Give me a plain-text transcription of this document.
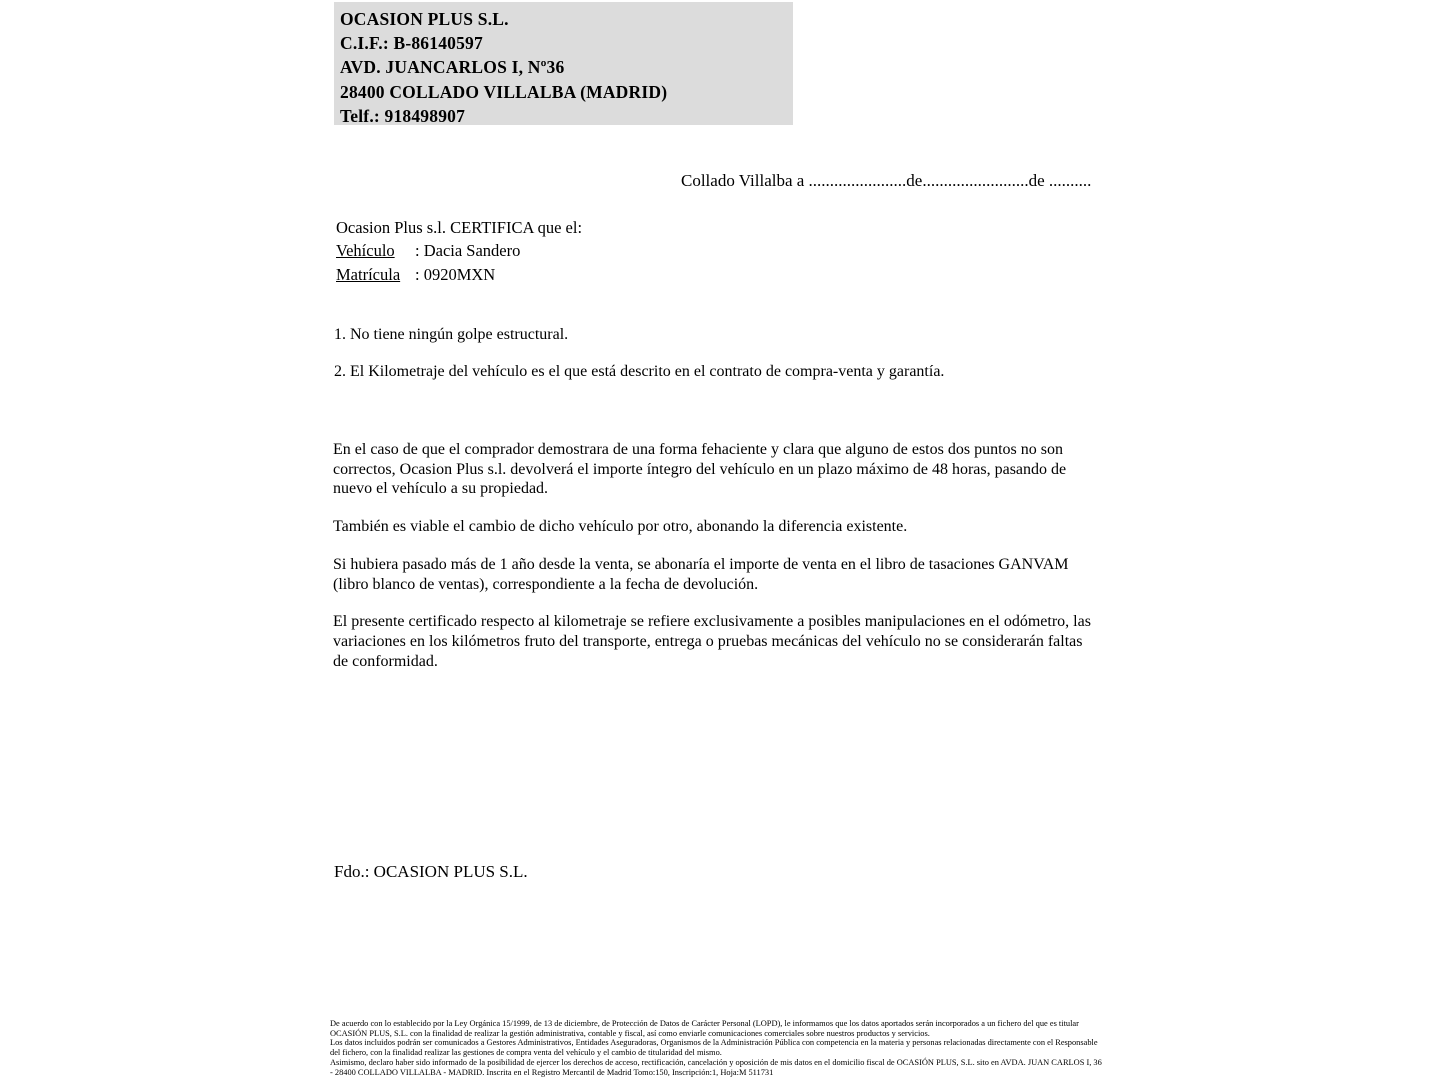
OCASION PLUS S.L.
C.I.F.: B-86140597
AVD. JUANCARLOS I, Nº36
28400 COLLADO VILLALBA (MADRID)
Telf.: 918498907
Collado Villalba a .......................de.........................de ..........
Ocasion Plus s.l. CERTIFICA que el:
Vehículo	: Dacia Sandero
Matrícula : 0920MXN
1. No tiene ningún golpe estructural.
2. El Kilometraje del vehículo es el que está descrito en el contrato de compra-venta y garantía.

En el caso de que el comprador demostrara de una forma fehaciente y clara que alguno de estos dos puntos no son correctos, Ocasion Plus s.l. devolverá el importe íntegro del vehículo en un plazo máximo de 48 horas, pasando de nuevo el vehículo a su propiedad.

También es viable el cambio de dicho vehículo por otro, abonando la diferencia existente.

Si hubiera pasado más de 1 año desde la venta, se abonaría el importe de venta en el libro de tasaciones GANVAM (libro blanco de ventas), correspondiente a la fecha de devolución.

El presente certificado respecto al kilometraje se refiere exclusivamente a posibles manipulaciones en el odómetro, las variaciones en los kilómetros fruto del transporte, entrega o pruebas mecánicas del vehículo no se considerarán faltas de conformidad.

Fdo.: OCASION PLUS S.L.
De acuerdo con lo establecido por la Ley Orgánica 15/1999, de 13 de diciembre, de Protección de Datos de Carácter Personal (LOPD), le informamos que los datos aportados serán incorporados a un fichero del que es titular OCASIÓN PLUS, S.L. con la finalidad de realizar la gestión administrativa, contable y fiscal, así como enviarle comunicaciones comerciales sobre nuestros productos y servicios.
Los datos incluidos podrán ser comunicados a Gestores Administrativos, Entidades Aseguradoras, Organismos de la Administración Pública con competencia en la materia y personas relacionadas directamente con el Responsable del fichero, con la finalidad realizar las gestiones de compra venta del vehículo y el cambio de titularidad del mismo.
Asimismo, declaro haber sido informado de la posibilidad de ejercer los derechos de acceso, rectificación, cancelación y oposición de mis datos en el domicilio fiscal de OCASIÓN PLUS, S.L. sito en AVDA. JUAN CARLOS I, 36 - 28400 COLLADO VILLALBA - MADRID. Inscrita en el Registro Mercantil de Madrid Tomo:150, Inscripción:1, Hoja:M 511731
